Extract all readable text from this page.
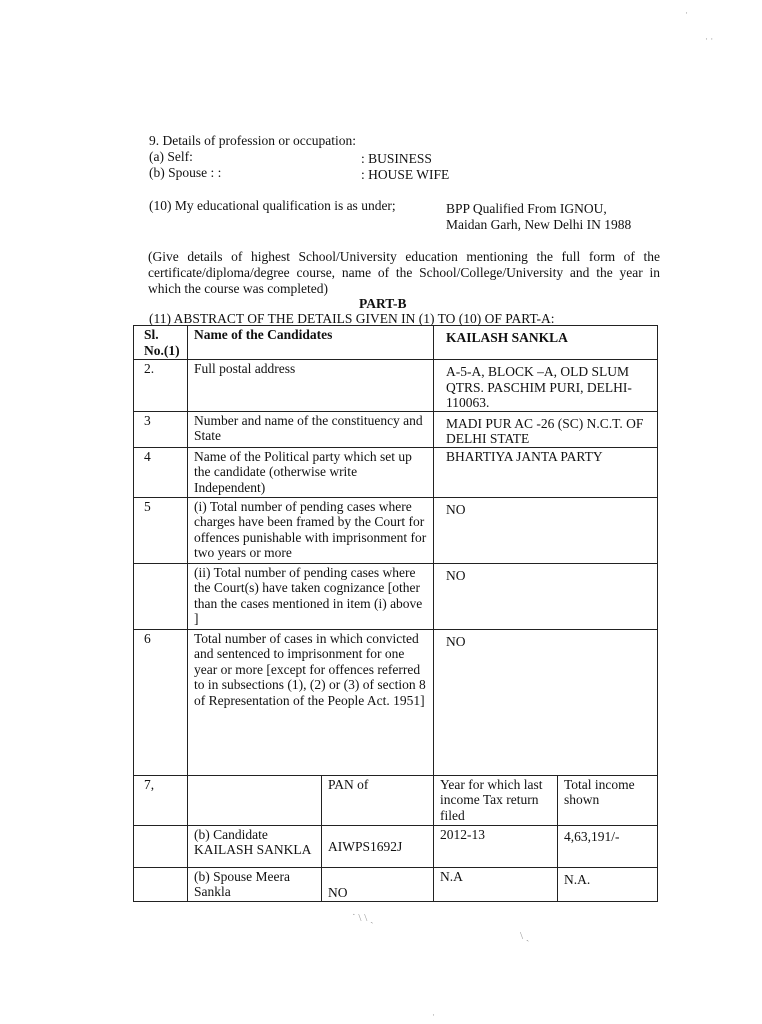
9. Details of profession or occupation:
(a) Self:	: BUSINESS
(b) Spouse : :	: HOUSE WIFE
(10) My educational qualification is as under;	BPP Qualified From IGNOU,
Maidan Garh, New Delhi IN 1988
(Give details of highest School/University education mentioning the full form of the certificate/diploma/degree course, name of the School/College/University and the year in which the course was completed)
PART-B
(11) ABSTRACT OF THE DETAILS GIVEN IN (1) TO (10) OF PART-A:
Sl. No.(1)	Name of the Candidates		KAILASH SANKLA	
2.	Full postal address		A-5-A, BLOCK –A, OLD SLUM QTRS. PASCHIM PURI, DELHI-110063.	
3	Number and name of the constituency and State		MADI PUR AC -26 (SC) N.C.T. OF DELHI STATE	
4	Name of the Political party which set up the candidate (otherwise write Independent)		BHARTIYA JANTA PARTY	
5	(i) Total number of pending cases where charges have been framed by the Court for offences punishable with imprisonment for two years or more		NO	
	(ii) Total number of pending cases where the Court(s) have taken cognizance [other than the cases mentioned in item (i) above ]		NO	
6	Total number of cases in which convicted and sentenced to imprisonment for one year or more [except for offences referred to in subsections (1), (2) or (3) of section 8 of Representation of the People Act. 1951]		NO	
7,		PAN of	Year for which last income Tax return filed	Total income shown
	(b) Candidate KAILASH SANKLA	AIWPS1692J	2012-13	4,63,191/-
	(b) Spouse Meera Sankla	NO	N.A	N.A.
·
· ·
˙ \ \ ˎ
\ ˎ
·
